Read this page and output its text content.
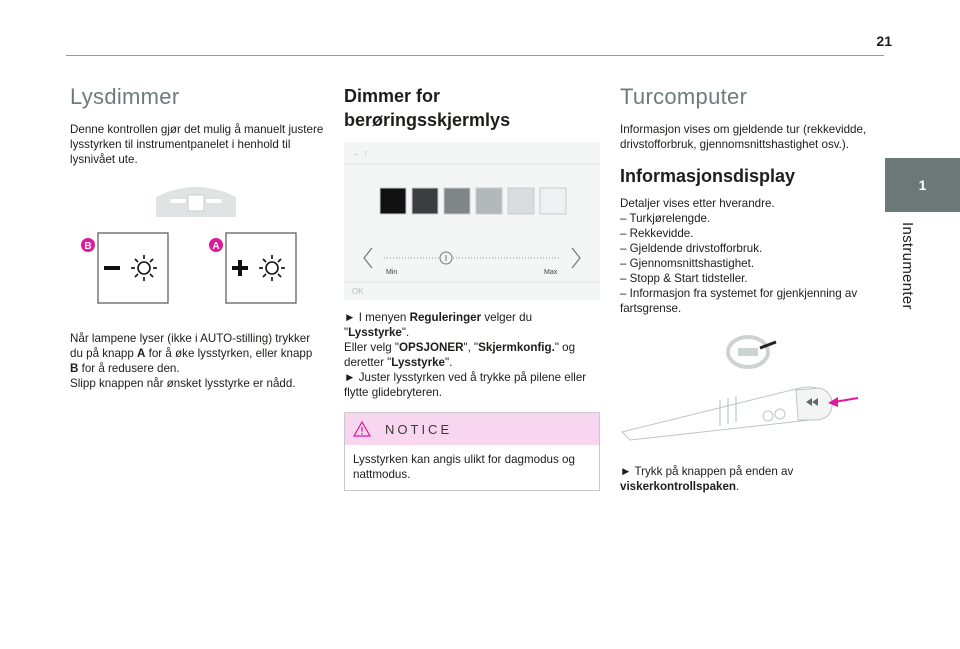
21
1
Instrumenter
Lysdimmer

Denne kontrollen gjør det mulig å manuelt justere lysstyrken til instrumentpanelet i henhold til lysnivået ute.

B	A

Når lampene lyser (ikke i AUTO-stilling) trykker
du på knapp A for å øke lysstyrken, eller knapp
B for å redusere den.
Slipp knappen når ønsket lysstyrke er nådd.

Dimmer for
berøringsskjermlys
← ↑
Min	Max
OK

► I menyen Reguleringer velger du
"Lysstyrke".
Eller velg "OPSJONER", "Skjermkonfig." og
deretter "Lysstyrke".
► Juster lysstyrken ved å trykke på pilene eller flytte glidebryteren.

NOTICE
Lysstyrken kan angis ulikt for dagmodus og nattmodus.
Turcomputer

Informasjon vises om gjeldende tur (rekkevidde, drivstofforbruk, gjennomsnittshastighet osv.).

Informasjonsdisplay

Detaljer vises etter hverandre.

– Turkjørelengde.
– Rekkevidde.
– Gjeldende drivstofforbruk.
– Gjennomsnittshastighet.
– Stopp & Start tidsteller.
– Informasjon fra systemet for gjenkjenning av fartsgrense.

► Trykk på knappen på enden av
viskerkontrollspaken.
